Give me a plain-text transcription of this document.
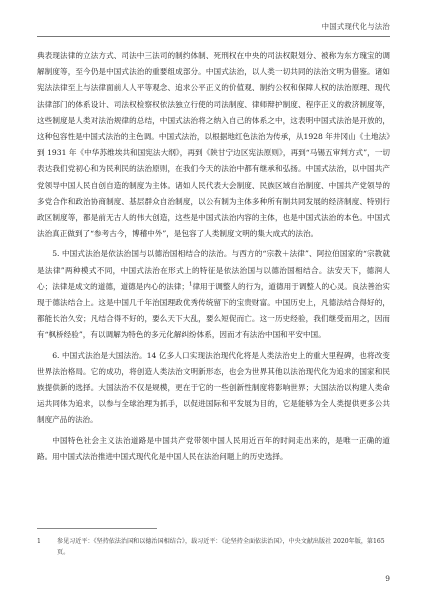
中国式现代化与法治

典表现法律的立法方式、司法中三法司的制约体制、死刑权在中央的司法权限划分、被称为东方瑰宝的调解制度等，至今仍是中国式法治的重要组成部分。中国式法治，以人类一切共同的法治文明为借鉴。诸如宪法法律至上与法律面前人人平等观念、追求公平正义的价值观、制约公权和保障人权的法治原理、现代法律部门的体系设计、司法权检察权依法独立行使的司法制度、律师辩护制度、程序正义的救济制度等，这些制度是人类对法治规律的总结，中国式法治将之纳入自己的体系之中，这表明中国式法治是开放的，这种包容性是中国式法治的主色调。中国式法治，以根据地红色法治为传承，从1928 年井冈山《土地法》到 1931 年《中华苏维埃共和国宪法大纲》，再到《陕甘宁边区宪法原则》，再到“马锡五审判方式”，一切表达我们党初心和为民利民的法治原则，在我们今天的法治中都有继承和弘扬。中国式法治，以中国共产党领导中国人民自创自造的制度为主体。诸如人民代表大会制度、民族区域自治制度、中国共产党领导的多党合作和政治协商制度、基层群众自治制度，以公有制为主体多种所有制共同发展的经济制度、特别行政区制度等，都是前无古人的伟大创造，这些是中国式法治内容的主体，也是中国式法治的本色。中国式法治真正做到了“参考古今，博稽中外”，是包容了人类制度文明的集大成式的法治。

5. 中国式法治是依法治国与以德治国相结合的法治。与西方的“宗教＋法律”、阿拉伯国家的“宗教就是法律”两种模式不同，中国式法治在形式上的特征是依法治国与以德治国相结合。法安天下，德润人心；法律是成文的道德，道德是内心的法律；$^1$律用于调整人的行为，道德用于调整人的心灵。良法善治实现于德法结合上。这是中国几千年治国理政优秀传统留下的宝贵财富。中国历史上，凡德法结合得好的，都能长治久安；凡结合得不好的，要么天下大乱，要么短促而亡。这一历史经验，我们继受而用之，因而有“枫桥经验”，有以调解为特色的多元化解纠纷体系，因而才有法治中国和平安中国。

6. 中国式法治是大国法治。14 亿多人口实现法治现代化将是人类法治史上的重大里程碑，也将改变世界法治格局。它的成功，将创造人类法治文明新形态，也会为世界其他以法治现代化为追求的国家和民族提供新的选择。大国法治不仅是规模，更在于它的一些创新性制度将影响世界；大国法治以构建人类命运共同体为追求，以参与全球治理为抓手，以促进国际和平发展为目的，它是能够为全人类提供更多公共制度产品的法治。

中国特色社会主义法治道路是中国共产党带领中国人民用近百年的时间走出来的，是唯一正确的道路。用中国式法治推进中国式现代化是中国人民在法治问题上的历史选择。

1	参见习近平：《坚持依法治国和以德治国相结合》，载习近平：《论坚持全面依法治国》，中央文献出版社 2020年版，第165页。
9
